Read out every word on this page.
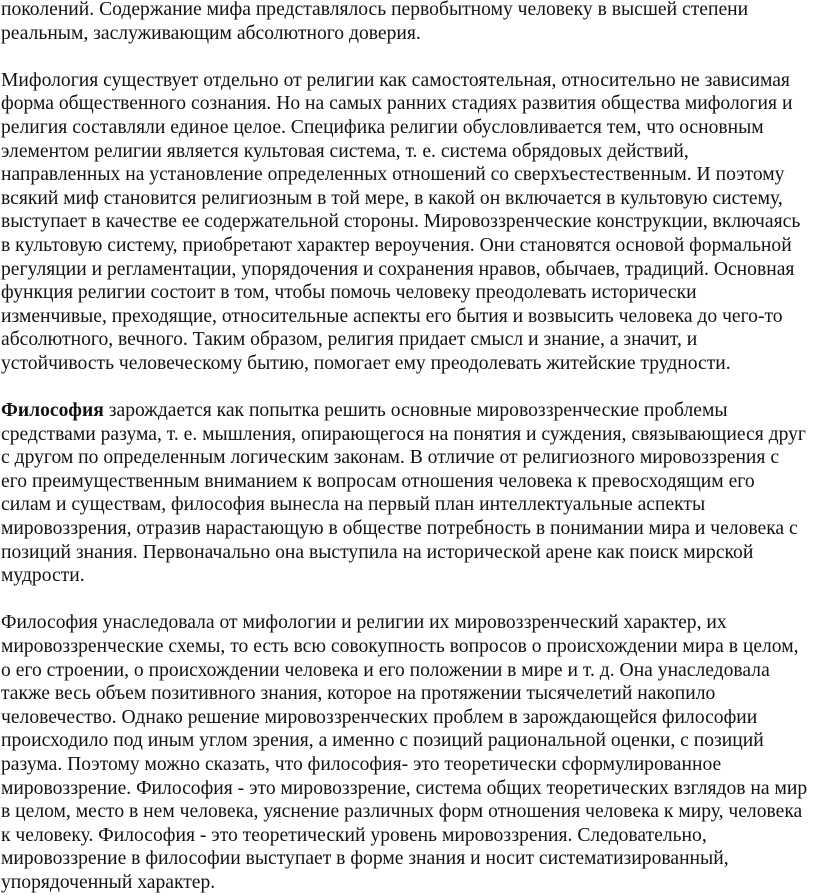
поколений. Содержание мифа представлялось первобытному человеку в высшей степени
реальным, заслуживающим абсолютного доверия.
Мифология существует отдельно от религии как самостоятельная, относительно не зависимая
форма общественного сознания. Но на самых ранних стадиях развития общества мифология и
религия составляли единое целое. Специфика религии обусловливается тем, что основным
элементом религии является культовая система, т. е. система обрядовых действий,
направленных на установление определенных отношений со сверхъестественным. И поэтому
всякий миф становится религиозным в той мере, в какой он включается в культовую систему,
выступает в качестве ее содержательной стороны. Мировоззренческие конструкции, включаясь
в культовую систему, приобретают характер вероучения. Они становятся основой формальной
регуляции и регламентации, упорядочения и сохранения нравов, обычаев, традиций. Основная
функция религии состоит в том, чтобы помочь человеку преодолевать исторически
изменчивые, преходящие, относительные аспекты его бытия и возвысить человека до чего-то
абсолютного, вечного. Таким образом, религия придает смысл и знание, а значит, и
устойчивость человеческому бытию, помогает ему преодолевать житейские трудности.
Философия зарождается как попытка решить основные мировоззренческие проблемы
средствами разума, т. е. мышления, опирающегося на понятия и суждения, связывающиеся друг
с другом по определенным логическим законам. В отличие от религиозного мировоззрения с
его преимущественным вниманием к вопросам отношения человека к превосходящим его
силам и существам, философия вынесла на первый план интеллектуальные аспекты
мировоззрения, отразив нарастающую в обществе потребность в понимании мира и человека с
позиций знания. Первоначально она выступила на исторической арене как поиск мирской
мудрости.
Философия унаследовала от мифологии и религии их мировоззренческий характер, их
мировоззренческие схемы, то есть всю совокупность вопросов о происхождении мира в целом,
о его строении, о происхождении человека и его положении в мире и т. д. Она унаследовала
также весь объем позитивного знания, которое на протяжении тысячелетий накопило
человечество. Однако решение мировоззренческих проблем в зарождающейся философии
происходило под иным углом зрения, а именно с позиций рациональной оценки, с позиций
разума. Поэтому можно сказать, что философия- это теоретически сформулированное
мировоззрение. Философия - это мировоззрение, система общих теоретических взглядов на мир
в целом, место в нем человека, уяснение различных форм отношения человека к миру, человека
к человеку. Философия - это теоретический уровень мировоззрения. Следовательно,
мировоззрение в философии выступает в форме знания и носит систематизированный,
упорядоченный характер.
